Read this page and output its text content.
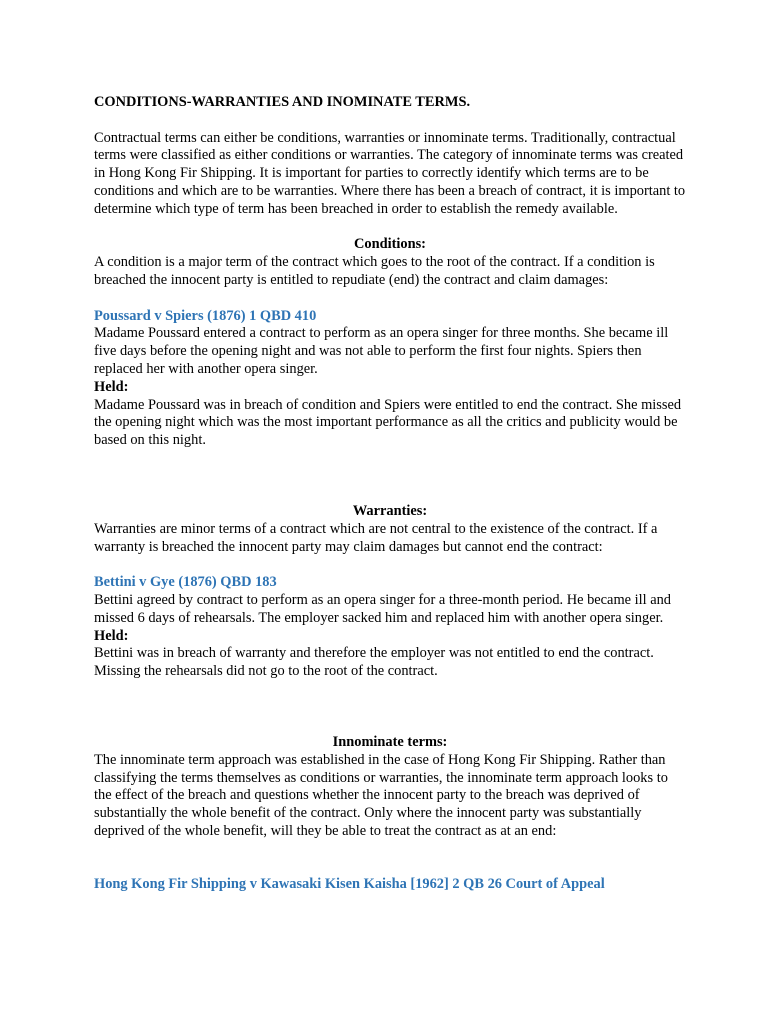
CONDITIONS-WARRANTIES AND INOMINATE TERMS.

Contractual terms can either be conditions, warranties or innominate terms. Traditionally, contractual terms were classified as either conditions or warranties. The category of innominate terms was created in Hong Kong Fir Shipping. It is important for parties to correctly identify which terms are to be conditions and which are to be warranties. Where there has been a breach of contract, it is important to determine which type of term has been breached in order to establish the remedy available.

Conditions:

A condition is a major term of the contract which goes to the root of the contract. If a condition is breached the innocent party is entitled to repudiate (end) the contract and claim damages:

Poussard v Spiers (1876) 1 QBD 410

Madame Poussard entered a contract to perform as an opera singer for three months. She became ill five days before the opening night and was not able to perform the first four nights. Spiers then replaced her with another opera singer.

Held:

Madame Poussard was in breach of condition and Spiers were entitled to end the contract. She missed the opening night which was the most important performance as all the critics and publicity would be based on this night.

Warranties:

Warranties are minor terms of a contract which are not central to the existence of the contract. If a warranty is breached the innocent party may claim damages but cannot end the contract:

Bettini v Gye (1876) QBD 183

Bettini agreed by contract to perform as an opera singer for a three-month period. He became ill and missed 6 days of rehearsals. The employer sacked him and replaced him with another opera singer.

Held:

Bettini was in breach of warranty and therefore the employer was not entitled to end the contract. Missing the rehearsals did not go to the root of the contract.

Innominate terms:

The innominate term approach was established in the case of Hong Kong Fir Shipping. Rather than classifying the terms themselves as conditions or warranties, the innominate term approach looks to the effect of the breach and questions whether the innocent party to the breach was deprived of substantially the whole benefit of the contract. Only where the innocent party was substantially deprived of the whole benefit, will they be able to treat the contract as at an end:

Hong Kong Fir Shipping v Kawasaki Kisen Kaisha [1962] 2 QB 26 Court of Appeal
